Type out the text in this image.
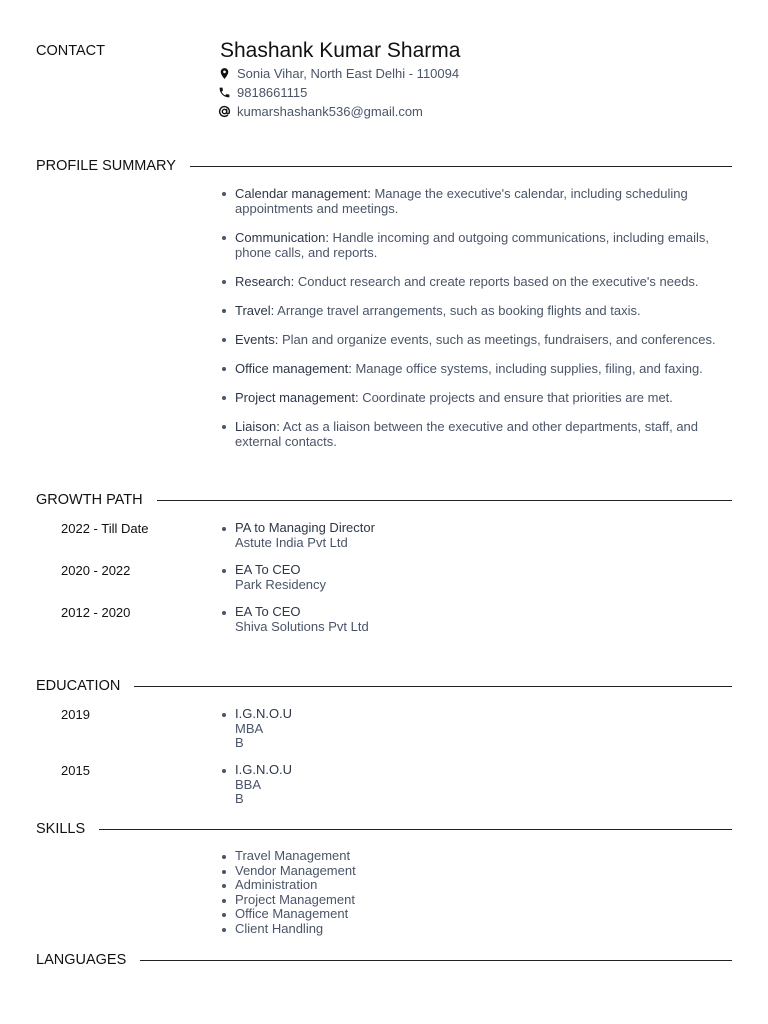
CONTACT	Shashank Kumar Sharma
Sonia Vihar, North East Delhi - 110094
9818661115
kumarshashank536@gmail.com
PROFILE SUMMARY
Calendar management: Manage the executive's calendar, including scheduling appointments and meetings.
Communication: Handle incoming and outgoing communications, including emails, phone calls, and reports.
Research: Conduct research and create reports based on the executive's needs.
Travel: Arrange travel arrangements, such as booking flights and taxis.
Events: Plan and organize events, such as meetings, fundraisers, and conferences.
Office management: Manage office systems, including supplies, filing, and faxing.
Project management: Coordinate projects and ensure that priorities are met.
Liaison: Act as a liaison between the executive and other departments, staff, and external contacts.
GROWTH PATH
2022 - Till Date	PA to Managing Director
Astute India Pvt Ltd
2020 - 2022	EA To CEO
Park Residency
2012 - 2020	EA To CEO
Shiva Solutions Pvt Ltd
EDUCATION
2019	I.G.N.O.U
MBA
B
2015	I.G.N.O.U
BBA
B
SKILLS
Travel Management
Vendor Management
Administration
Project Management
Office Management
Client Handling
LANGUAGES
